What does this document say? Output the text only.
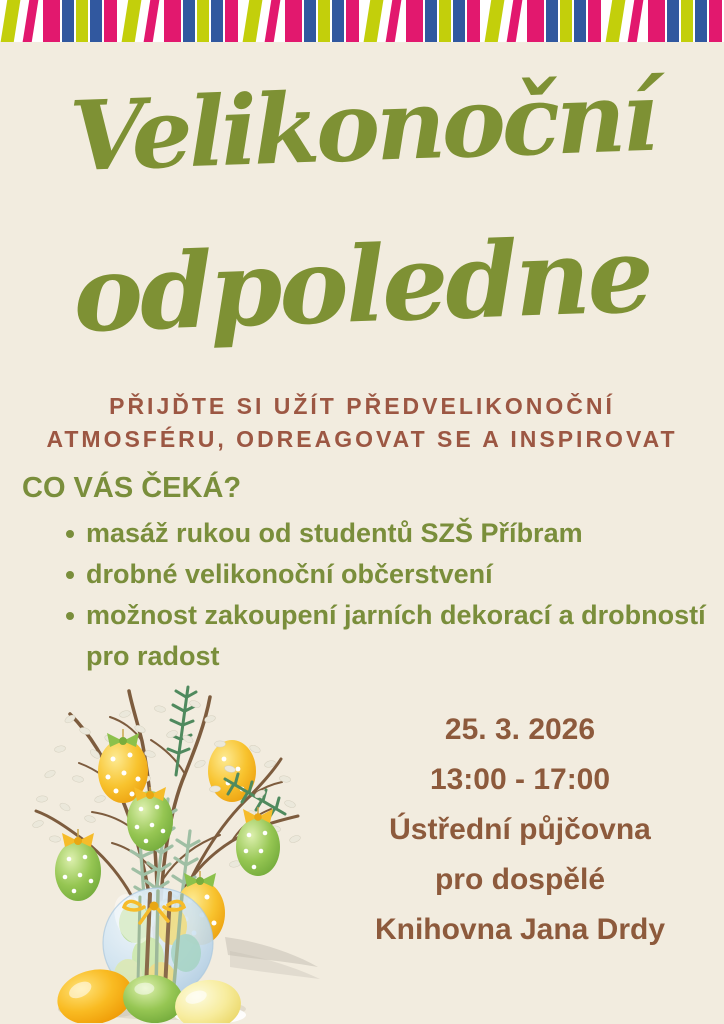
Velikonoční
odpoledne
PŘIJĎTE SI UŽÍT PŘEDVELIKONOČNÍ
ATMOSFÉRU, ODREAGOVAT SE A INSPIROVAT
CO VÁS ČEKÁ?
masáž rukou od studentů SZŠ Příbram
drobné velikonoční občerstvení
možnost zakoupení jarních dekorací a drobností pro radost
25. 3. 2026
13:00 - 17:00
Ústřední půjčovna
pro dospělé
Knihovna Jana Drdy
